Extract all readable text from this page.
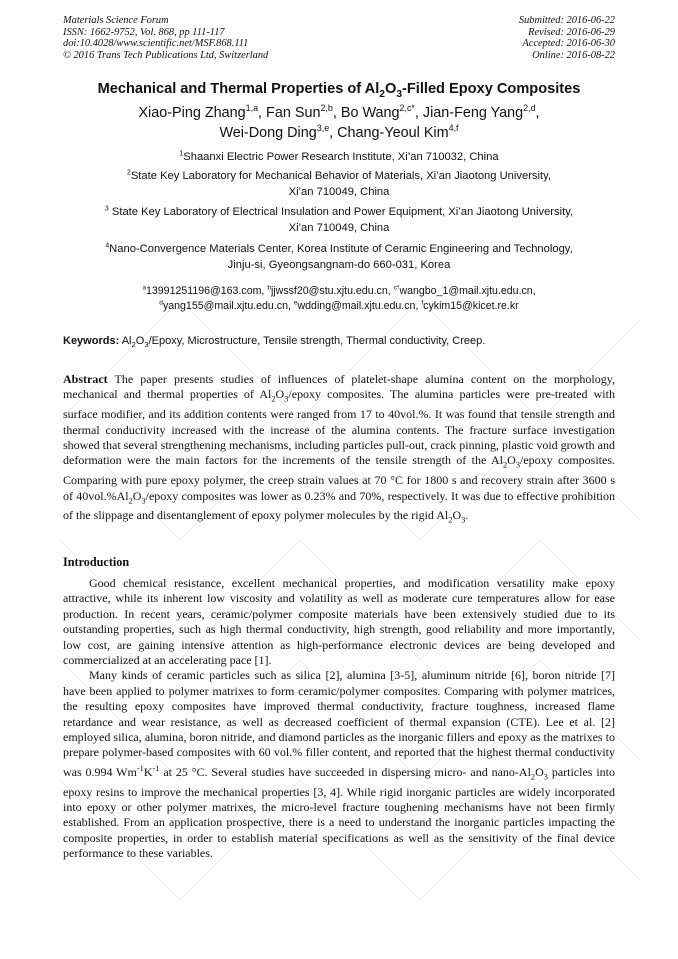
Materials Science Forum
ISSN: 1662-9752, Vol. 868, pp 111-117
doi:10.4028/www.scientific.net/MSF.868.111
© 2016 Trans Tech Publications Ltd, Switzerland
Submitted: 2016-06-22
Revised: 2016-06-29
Accepted: 2016-06-30
Online: 2016-08-22
Mechanical and Thermal Properties of $Al_2O_3$-Filled Epoxy Composites
Xiao-Ping Zhang$^{1,a}$, Fan Sun$^{2,b}$, Bo Wang$^{2,c*}$, Jian-Feng Yang$^{2,d}$,
Wei-Dong Ding$^{3,e}$, Chang-Yeoul Kim$^{4,f}$
$^1$Shaanxi Electric Power Research Institute, Xi’an 710032, China
$^2$State Key Laboratory for Mechanical Behavior of Materials, Xi’an Jiaotong University,
Xi’an 710049, China
$^3$ State Key Laboratory of Electrical Insulation and Power Equipment, Xi’an Jiaotong University,
Xi’an 710049, China
$^4$Nano-Convergence Materials Center, Korea Institute of Ceramic Engineering and Technology,
Jinju-si, Gyeongsangnam-do 660-031, Korea
$^a$13991251196@163.com, $^b$jjwssf20@stu.xjtu.edu.cn, $^{c*}$wangbo_1@mail.xjtu.edu.cn,
$^d$yang155@mail.xjtu.edu.cn, $^e$wdding@mail.xjtu.edu.cn, $^f$cykim15@kicet.re.kr
Keywords: $Al_2O_3$/Epoxy, Microstructure, Tensile strength, Thermal conductivity, Creep.

Abstract The paper presents studies of influences of platelet-shape alumina content on the morphology, mechanical and thermal properties of $Al_2O_3$/epoxy composites. The alumina particles were pre-treated with surface modifier, and its addition contents were ranged from 17 to 40vol.%. It was found that tensile strength and thermal conductivity increased with the increase of the alumina contents. The fracture surface investigation showed that several strengthening mechanisms, including particles pull-out, crack pinning, plastic void growth and deformation were the main factors for the increments of the tensile strength of the $Al_2O_3$/epoxy composites. Comparing with pure epoxy polymer, the creep strain values at 70 °C for 1800 s and recovery strain after 3600 s of $40vol.\%Al_2O_3$/epoxy composites was lower as 0.23% and 70%, respectively. It was due to effective prohibition of the slippage and disentanglement of epoxy polymer molecules by the rigid $Al_2O_3$.

Introduction

Good chemical resistance, excellent mechanical properties, and modification versatility make epoxy attractive, while its inherent low viscosity and volatility as well as moderate cure temperatures allow for ease production. In recent years, ceramic/polymer composite materials have been extensively studied due to its outstanding properties, such as high thermal conductivity, high strength, good reliability and more importantly, low cost, are gaining intensive attention as high-performance electronic devices are being developed and commercialized at an accelerating pace [1].

Many kinds of ceramic particles such as silica [2], alumina [3-5], aluminum nitride [6], boron nitride [7] have been applied to polymer matrixes to form ceramic/polymer composites. Comparing with polymer matrices, the resulting epoxy composites have improved thermal conductivity, fracture toughness, increased flame retardance and wear resistance, as well as decreased coefficient of thermal expansion (CTE). Lee et al. [2] employed silica, alumina, boron nitride, and diamond particles as the inorganic fillers and epoxy as the matrixes to prepare polymer-based composites with 60 vol.% filler content, and reported that the highest thermal conductivity was 0.994 $Wm^{-1}K^{-1}$ at 25 °C. Several studies have succeeded in dispersing micro- and nano-$Al_2O_3$ particles into epoxy resins to improve the mechanical properties [3, 4]. While rigid inorganic particles are widely incorporated into epoxy or other polymer matrixes, the micro-level fracture toughening mechanisms have not been firmly established. From an application prospective, there is a need to understand the inorganic particles impacting the composite properties, in order to establish material specifications as well as the sensitivity of the final device performance to these variables.
